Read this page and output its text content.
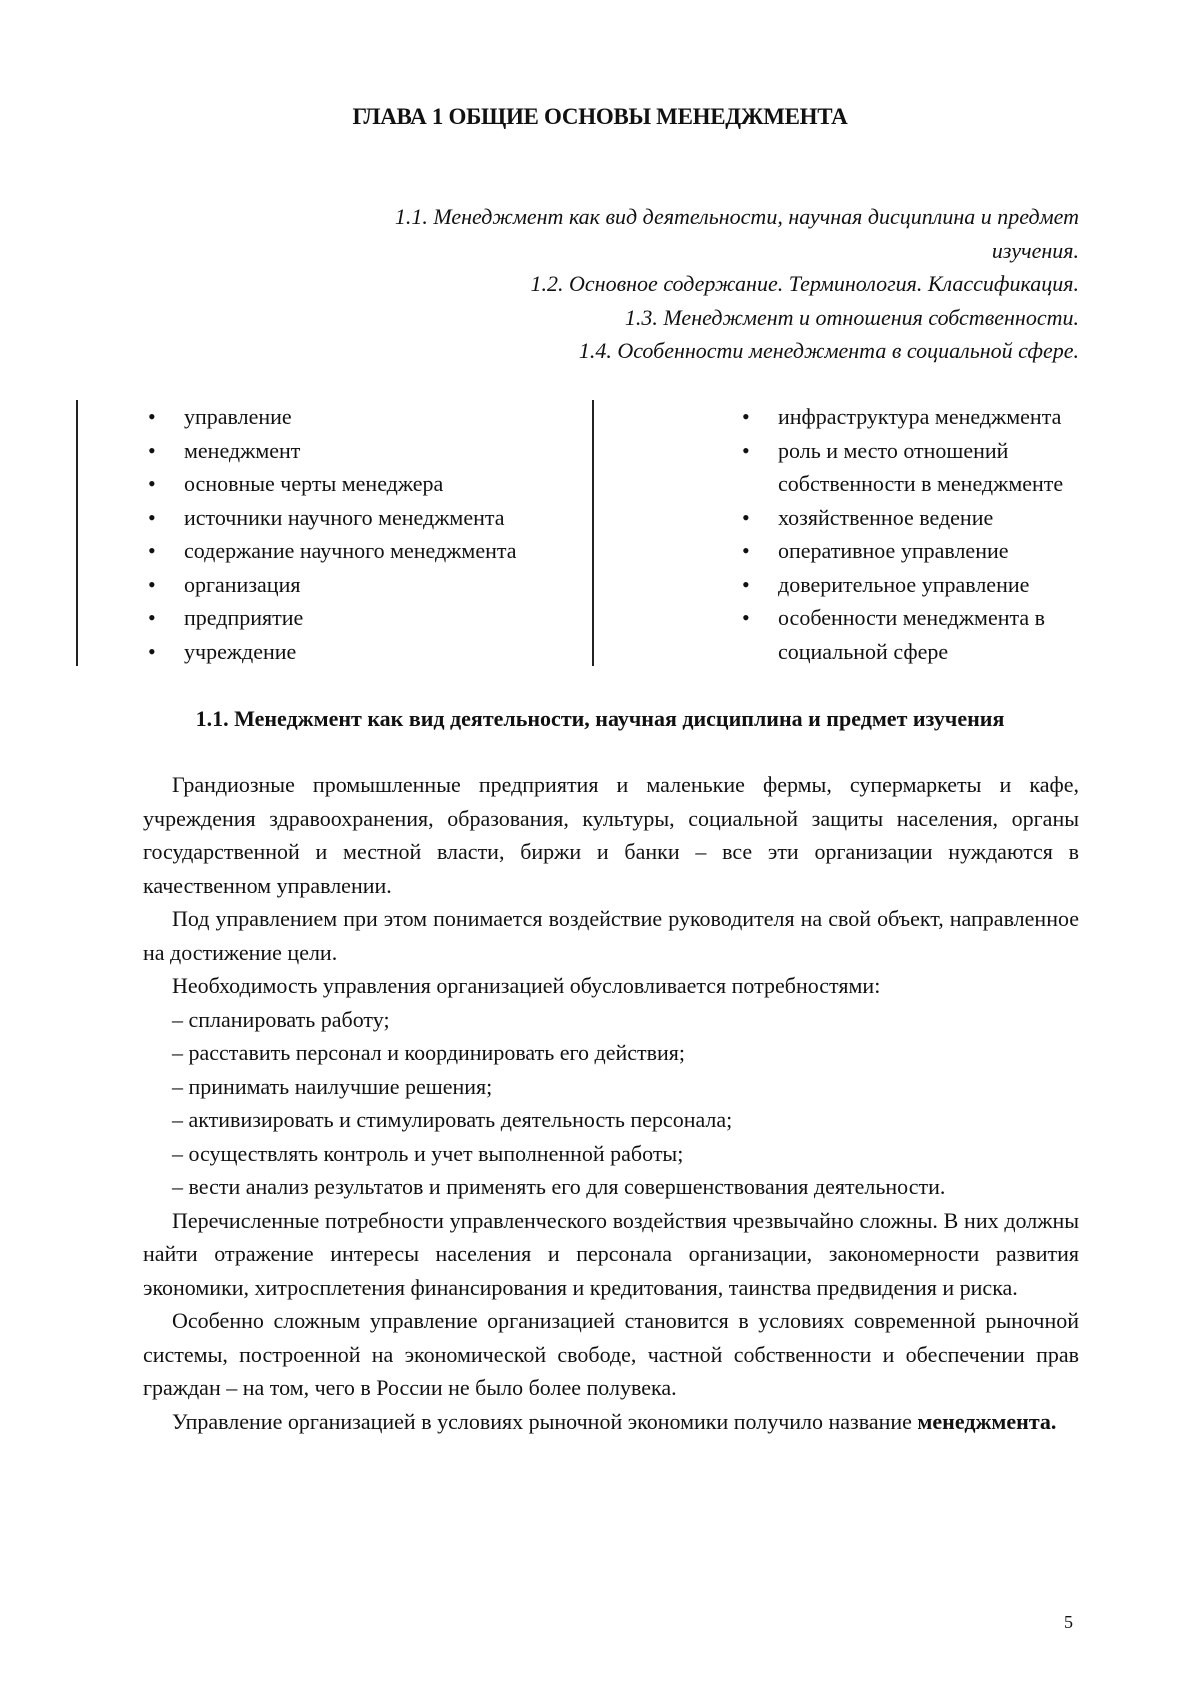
ГЛАВА 1 ОБЩИЕ ОСНОВЫ МЕНЕДЖМЕНТА
1.1. Менеджмент как вид деятельности, научная дисциплина и предмет
изучения.
1.2. Основное содержание. Терминология. Классификация.
1.3. Менеджмент и отношения собственности.
1.4. Особенности менеджмента в социальной сфере.
• управление
• менеджмент
• основные черты менеджера
• источники научного менеджмента
• содержание научного менеджмента
• организация
• предприятие
• учреждение
• инфраструктура менеджмента
• роль и место отношений собственности в менеджменте
• хозяйственное ведение
• оперативное управление
• доверительное управление
• особенности менеджмента в социальной сфере
1.1. Менеджмент как вид деятельности, научная дисциплина и предмет изучения

Грандиозные промышленные предприятия и маленькие фермы, супермаркеты и кафе, учреждения здравоохранения, образования, культуры, социальной защиты населения, органы государственной и местной власти, биржи и банки – все эти организации нуждаются в качественном управлении.

Под управлением при этом понимается воздействие руководителя на свой объект, направленное на достижение цели.

Необходимость управления организацией обусловливается потребностями:

– спланировать работу;

– расставить персонал и координировать его действия;

– принимать наилучшие решения;

– активизировать и стимулировать деятельность персонала;

– осуществлять контроль и учет выполненной работы;

– вести анализ результатов и применять его для совершенствования деятельности.

Перечисленные потребности управленческого воздействия чрезвычайно сложны. В них должны найти отражение интересы населения и персонала организации, закономерности развития экономики, хитросплетения финансирования и кредитования, таинства предвидения и риска.

Особенно сложным управление организацией становится в условиях современной рыночной системы, построенной на экономической свободе, частной собственности и обеспечении прав граждан – на том, чего в России не было более полувека.

Управление организацией в условиях рыночной экономики получило название менеджмента.

5
